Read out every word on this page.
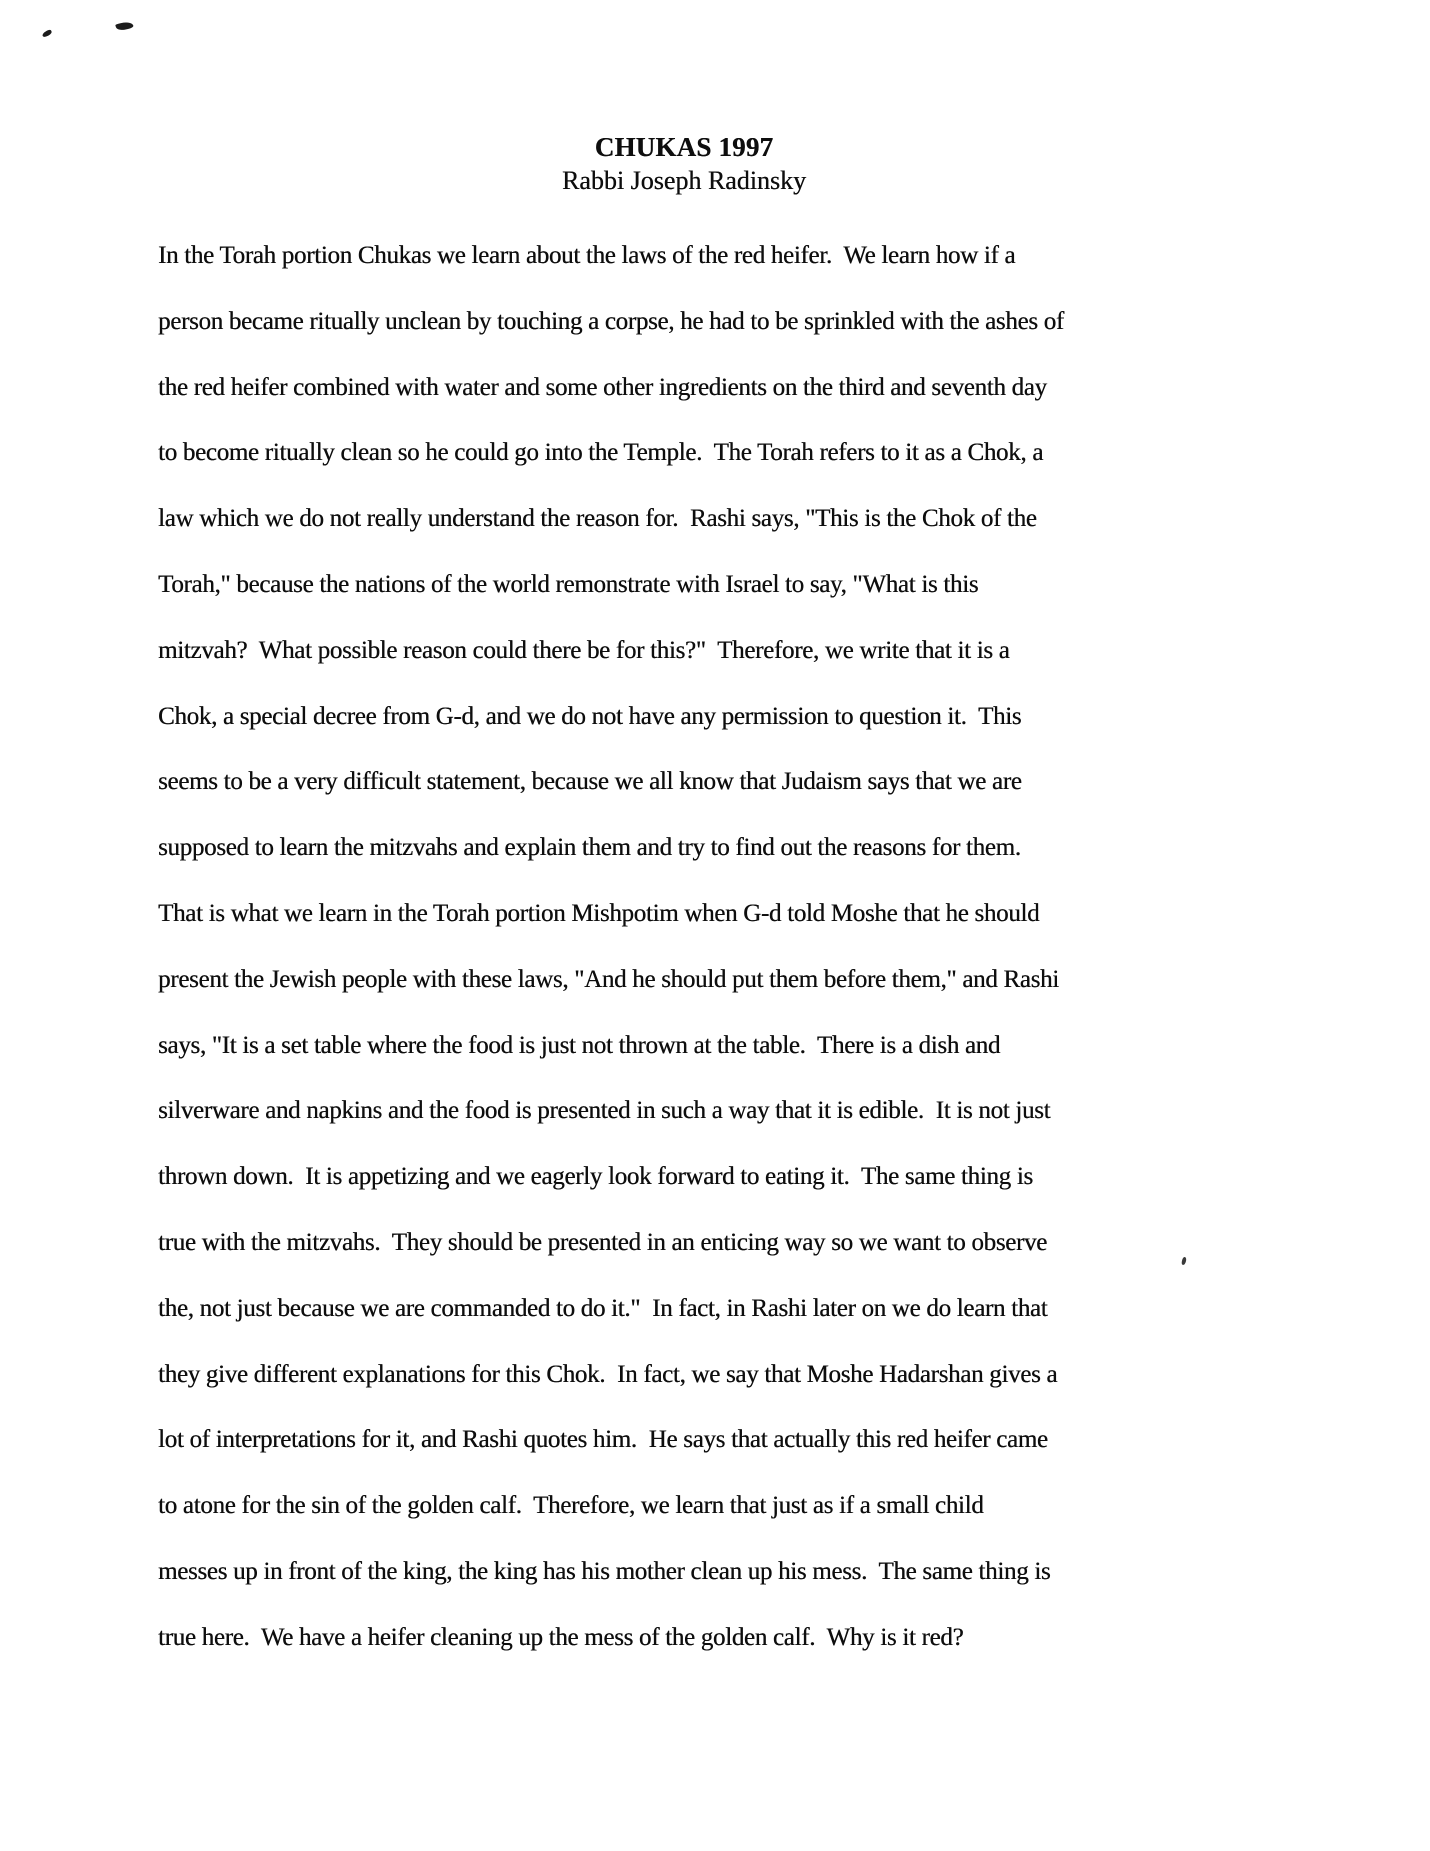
CHUKAS 1997
Rabbi Joseph Radinsky
In the Torah portion Chukas we learn about the laws of the red heifer.  We learn how if a
person became ritually unclean by touching a corpse, he had to be sprinkled with the ashes of
the red heifer combined with water and some other ingredients on the third and seventh day
to become ritually clean so he could go into the Temple.  The Torah refers to it as a Chok, a
law which we do not really understand the reason for.  Rashi says, "This is the Chok of the
Torah," because the nations of the world remonstrate with Israel to say, "What is this
mitzvah?  What possible reason could there be for this?"  Therefore, we write that it is a
Chok, a special decree from G-d, and we do not have any permission to question it.  This
seems to be a very difficult statement, because we all know that Judaism says that we are
supposed to learn the mitzvahs and explain them and try to find out the reasons for them.
That is what we learn in the Torah portion Mishpotim when G-d told Moshe that he should
present the Jewish people with these laws, "And he should put them before them," and Rashi
says, "It is a set table where the food is just not thrown at the table.  There is a dish and
silverware and napkins and the food is presented in such a way that it is edible.  It is not just
thrown down.  It is appetizing and we eagerly look forward to eating it.  The same thing is
true with the mitzvahs.  They should be presented in an enticing way so we want to observe
the, not just because we are commanded to do it."  In fact, in Rashi later on we do learn that
they give different explanations for this Chok.  In fact, we say that Moshe Hadarshan gives a
lot of interpretations for it, and Rashi quotes him.  He says that actually this red heifer came
to atone for the sin of the golden calf.  Therefore, we learn that just as if a small child
messes up in front of the king, the king has his mother clean up his mess.  The same thing is
true here.  We have a heifer cleaning up the mess of the golden calf.  Why is it red?
